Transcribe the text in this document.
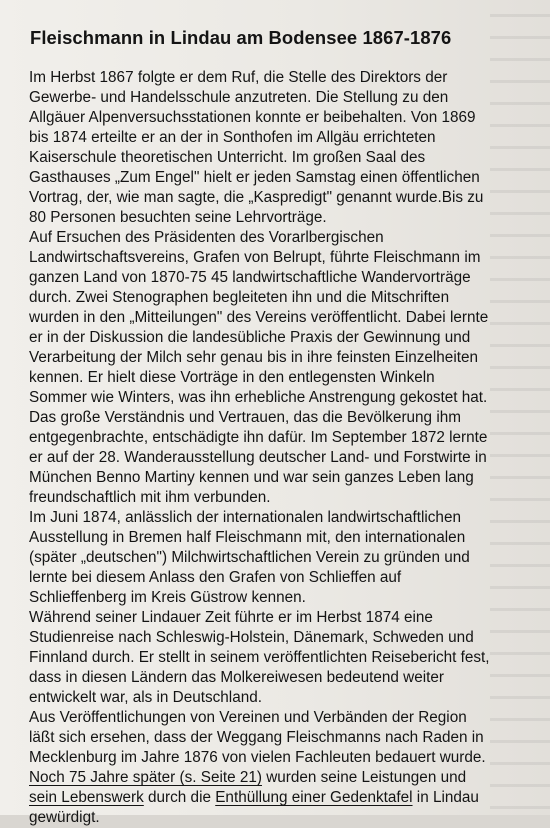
Fleischmann in Lindau am Bodensee 1867-1876
Im Herbst 1867 folgte er dem Ruf, die Stelle des Direktors der
Gewerbe- und Handelsschule anzutreten. Die Stellung zu den
Allgäuer Alpenversuchsstationen konnte er beibehalten. Von 1869
bis 1874 erteilte er an der in Sonthofen im Allgäu errichteten
Kaiserschule theoretischen Unterricht. Im großen Saal des
Gasthauses „Zum Engel" hielt er jeden Samstag einen öffentlichen
Vortrag, der, wie man sagte, die „Kaspredigt" genannt wurde.Bis zu
80 Personen besuchten seine Lehrvorträge.
Auf Ersuchen des Präsidenten des Vorarlbergischen
Landwirtschaftsvereins, Grafen von Belrupt, führte Fleischmann im
ganzen Land von 1870-75 45 landwirtschaftliche Wandervorträge
durch. Zwei Stenographen begleiteten ihn und die Mitschriften
wurden in den „Mitteilungen" des Vereins veröffentlicht. Dabei lernte
er in der Diskussion die landesübliche Praxis der Gewinnung und
Verarbeitung der Milch sehr genau bis in ihre feinsten Einzelheiten
kennen. Er hielt diese Vorträge in den entlegensten Winkeln
Sommer wie Winters, was ihn erhebliche Anstrengung gekostet hat.
Das große Verständnis und Vertrauen, das die Bevölkerung ihm
entgegenbrachte, entschädigte ihn dafür. Im September 1872 lernte
er auf der 28. Wanderausstellung deutscher Land- und Forstwirte in
München Benno Martiny kennen und war sein ganzes Leben lang
freundschaftlich mit ihm verbunden.
Im Juni 1874, anlässlich der internationalen landwirtschaftlichen
Ausstellung in Bremen half Fleischmann mit, den internationalen
(später „deutschen") Milchwirtschaftlichen Verein zu gründen und
lernte bei diesem Anlass den Grafen von Schlieffen auf
Schlieffenberg im Kreis Güstrow kennen.
Während seiner Lindauer Zeit führte er im Herbst 1874 eine
Studienreise nach Schleswig-Holstein, Dänemark, Schweden und
Finnland durch. Er stellt in seinem veröffentlichten Reisebericht fest,
dass in diesen Ländern das Molkereiwesen bedeutend weiter
entwickelt war, als in Deutschland.
Aus Veröffentlichungen von Vereinen und Verbänden der Region
läßt sich ersehen, dass der Weggang Fleischmanns nach Raden in
Mecklenburg im Jahre 1876 von vielen Fachleuten bedauert wurde.
Noch 75 Jahre später (s. Seite 21) wurden seine Leistungen und
sein Lebenswerk durch die Enthüllung einer Gedenktafel in Lindau
gewürdigt.
